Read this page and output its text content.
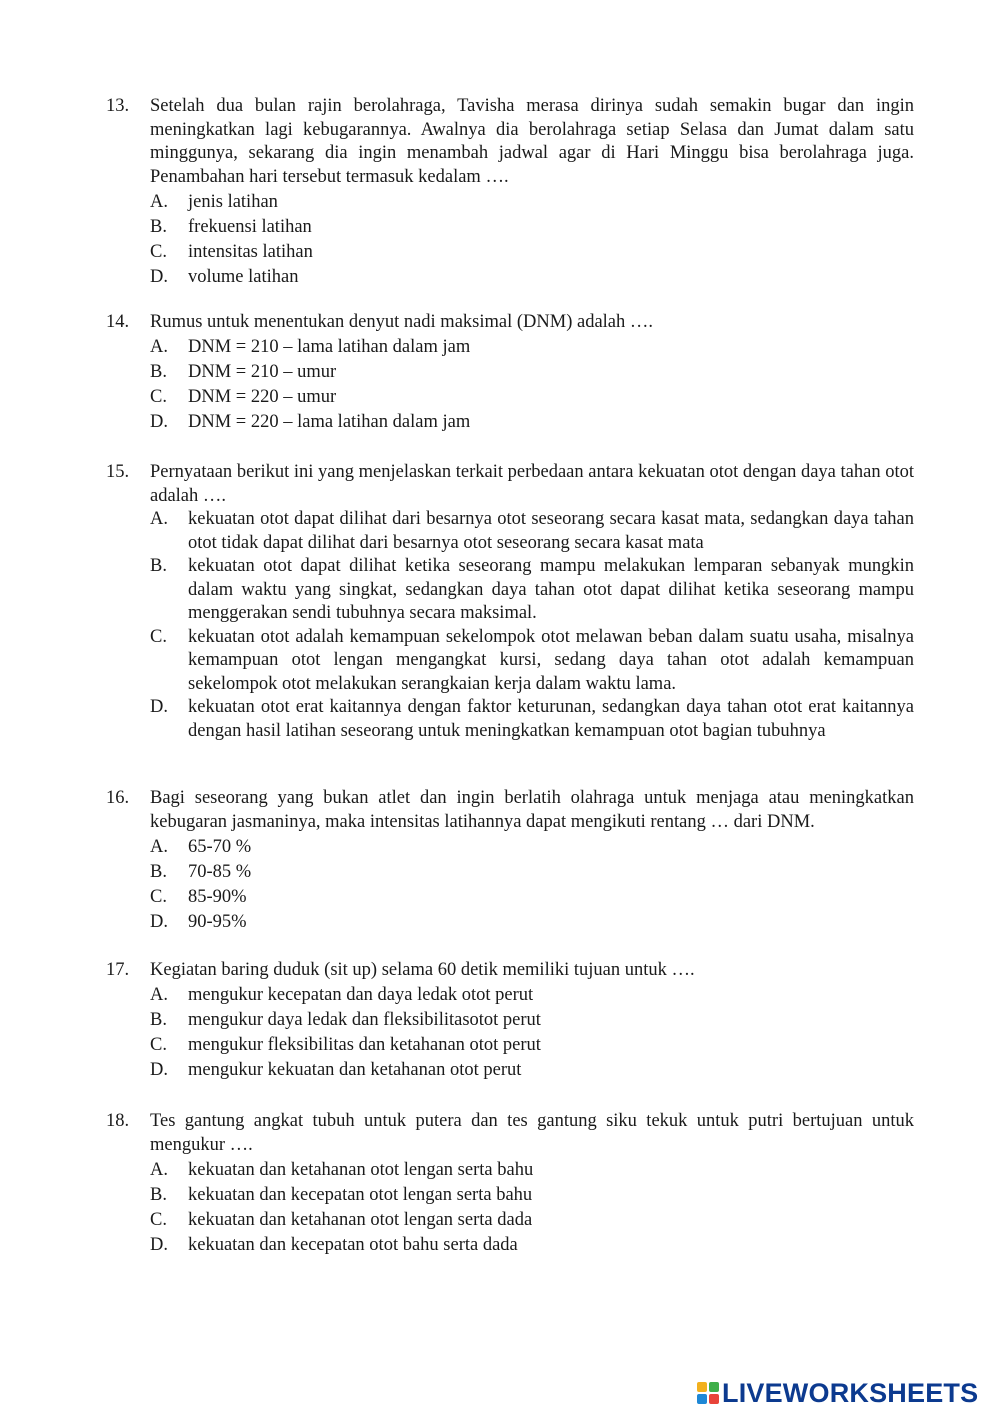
13.	Setelah dua bulan rajin berolahraga, Tavisha merasa dirinya sudah semakin bugar dan ingin meningkatkan lagi kebugarannya. Awalnya dia berolahraga setiap Selasa dan Jumat dalam satu minggunya, sekarang dia ingin menambah jadwal agar di Hari Minggu bisa berolahraga juga. Penambahan hari tersebut termasuk kedalam ….
A.	jenis latihan
B.	frekuensi latihan
C.	intensitas latihan
D.	volume latihan
14.	Rumus untuk menentukan denyut nadi maksimal (DNM) adalah ….
A.	DNM = 210 – lama latihan dalam jam
B.	DNM = 210 – umur
C.	DNM = 220 – umur
D.	DNM = 220 – lama latihan dalam jam
15.	Pernyataan berikut ini yang menjelaskan terkait perbedaan antara kekuatan otot dengan daya tahan otot adalah ….
A.	kekuatan otot dapat dilihat dari besarnya otot seseorang secara kasat mata, sedangkan daya tahan otot tidak dapat dilihat dari besarnya otot seseorang secara kasat mata
B.	kekuatan otot dapat dilihat ketika seseorang mampu melakukan lemparan sebanyak mungkin dalam waktu yang singkat, sedangkan daya tahan otot dapat dilihat ketika seseorang mampu menggerakan sendi tubuhnya secara maksimal.
C.	kekuatan otot adalah kemampuan sekelompok otot melawan beban dalam suatu usaha, misalnya kemampuan otot lengan mengangkat kursi, sedang daya tahan otot adalah kemampuan sekelompok otot melakukan serangkaian kerja dalam waktu lama.
D.	kekuatan otot erat kaitannya dengan faktor keturunan, sedangkan daya tahan otot erat kaitannya dengan hasil latihan seseorang untuk meningkatkan kemampuan otot bagian tubuhnya
16.	Bagi seseorang yang bukan atlet dan ingin berlatih olahraga untuk menjaga atau meningkatkan kebugaran jasmaninya, maka intensitas latihannya dapat mengikuti rentang … dari DNM.
A.	65-70 %
B.	70-85 %
C.	85-90%
D.	90-95%
17.	Kegiatan baring duduk (sit up) selama 60 detik memiliki tujuan untuk ….
A.	mengukur kecepatan dan daya ledak otot perut
B.	mengukur daya ledak dan fleksibilitasotot perut
C.	mengukur fleksibilitas dan ketahanan otot perut
D.	mengukur kekuatan dan ketahanan otot perut
18.	Tes gantung angkat tubuh untuk putera dan tes gantung siku tekuk untuk putri bertujuan untuk mengukur ….
A.	kekuatan dan ketahanan otot lengan serta bahu
B.	kekuatan dan kecepatan otot lengan serta bahu
C.	kekuatan dan ketahanan otot lengan serta dada
D.	kekuatan dan kecepatan otot bahu serta dada
LIVEWORKSHEETS
